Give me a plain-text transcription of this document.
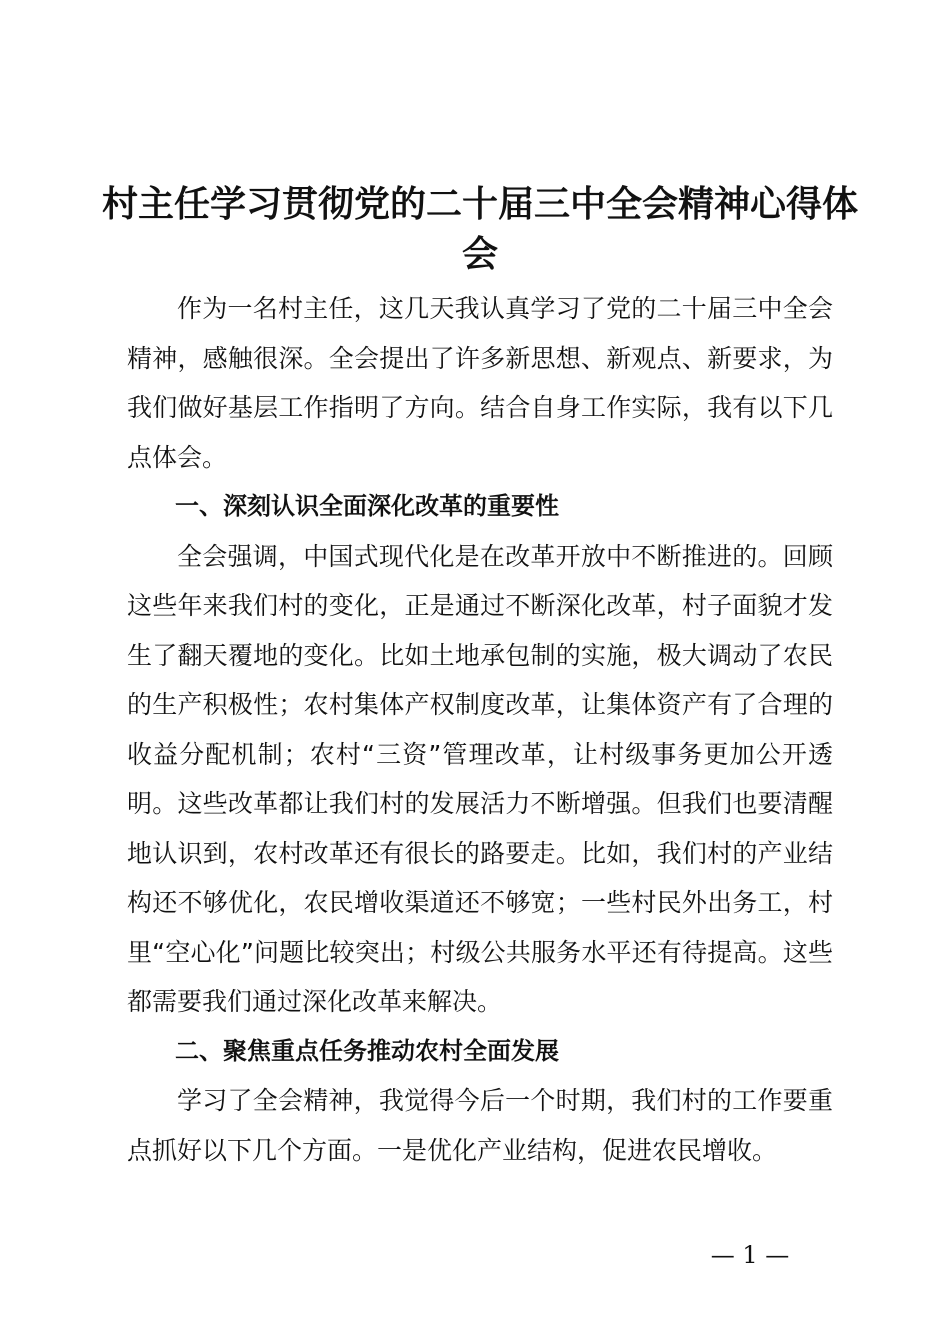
村主任学习贯彻党的二十届三中全会精神心得体会

作为一名村主任，这几天我认真学习了党的二十届三中全会精神，感触很深。全会提出了许多新思想、新观点、新要求，为我们做好基层工作指明了方向。结合自身工作实际，我有以下几点体会。

一、深刻认识全面深化改革的重要性

全会强调，中国式现代化是在改革开放中不断推进的。回顾这些年来我们村的变化，正是通过不断深化改革，村子面貌才发生了翻天覆地的变化。比如土地承包制的实施，极大调动了农民的生产积极性；农村集体产权制度改革，让集体资产有了合理的收益分配机制；农村“三资”管理改革，让村级事务更加公开透明。这些改革都让我们村的发展活力不断增强。但我们也要清醒地认识到，农村改革还有很长的路要走。比如，我们村的产业结构还不够优化，农民增收渠道还不够宽；一些村民外出务工，村里“空心化”问题比较突出；村级公共服务水平还有待提高。这些都需要我们通过深化改革来解决。

二、聚焦重点任务推动农村全面发展

学习了全会精神，我觉得今后一个时期，我们村的工作要重点抓好以下几个方面。一是优化产业结构，促进农民增收。

— 1 —
